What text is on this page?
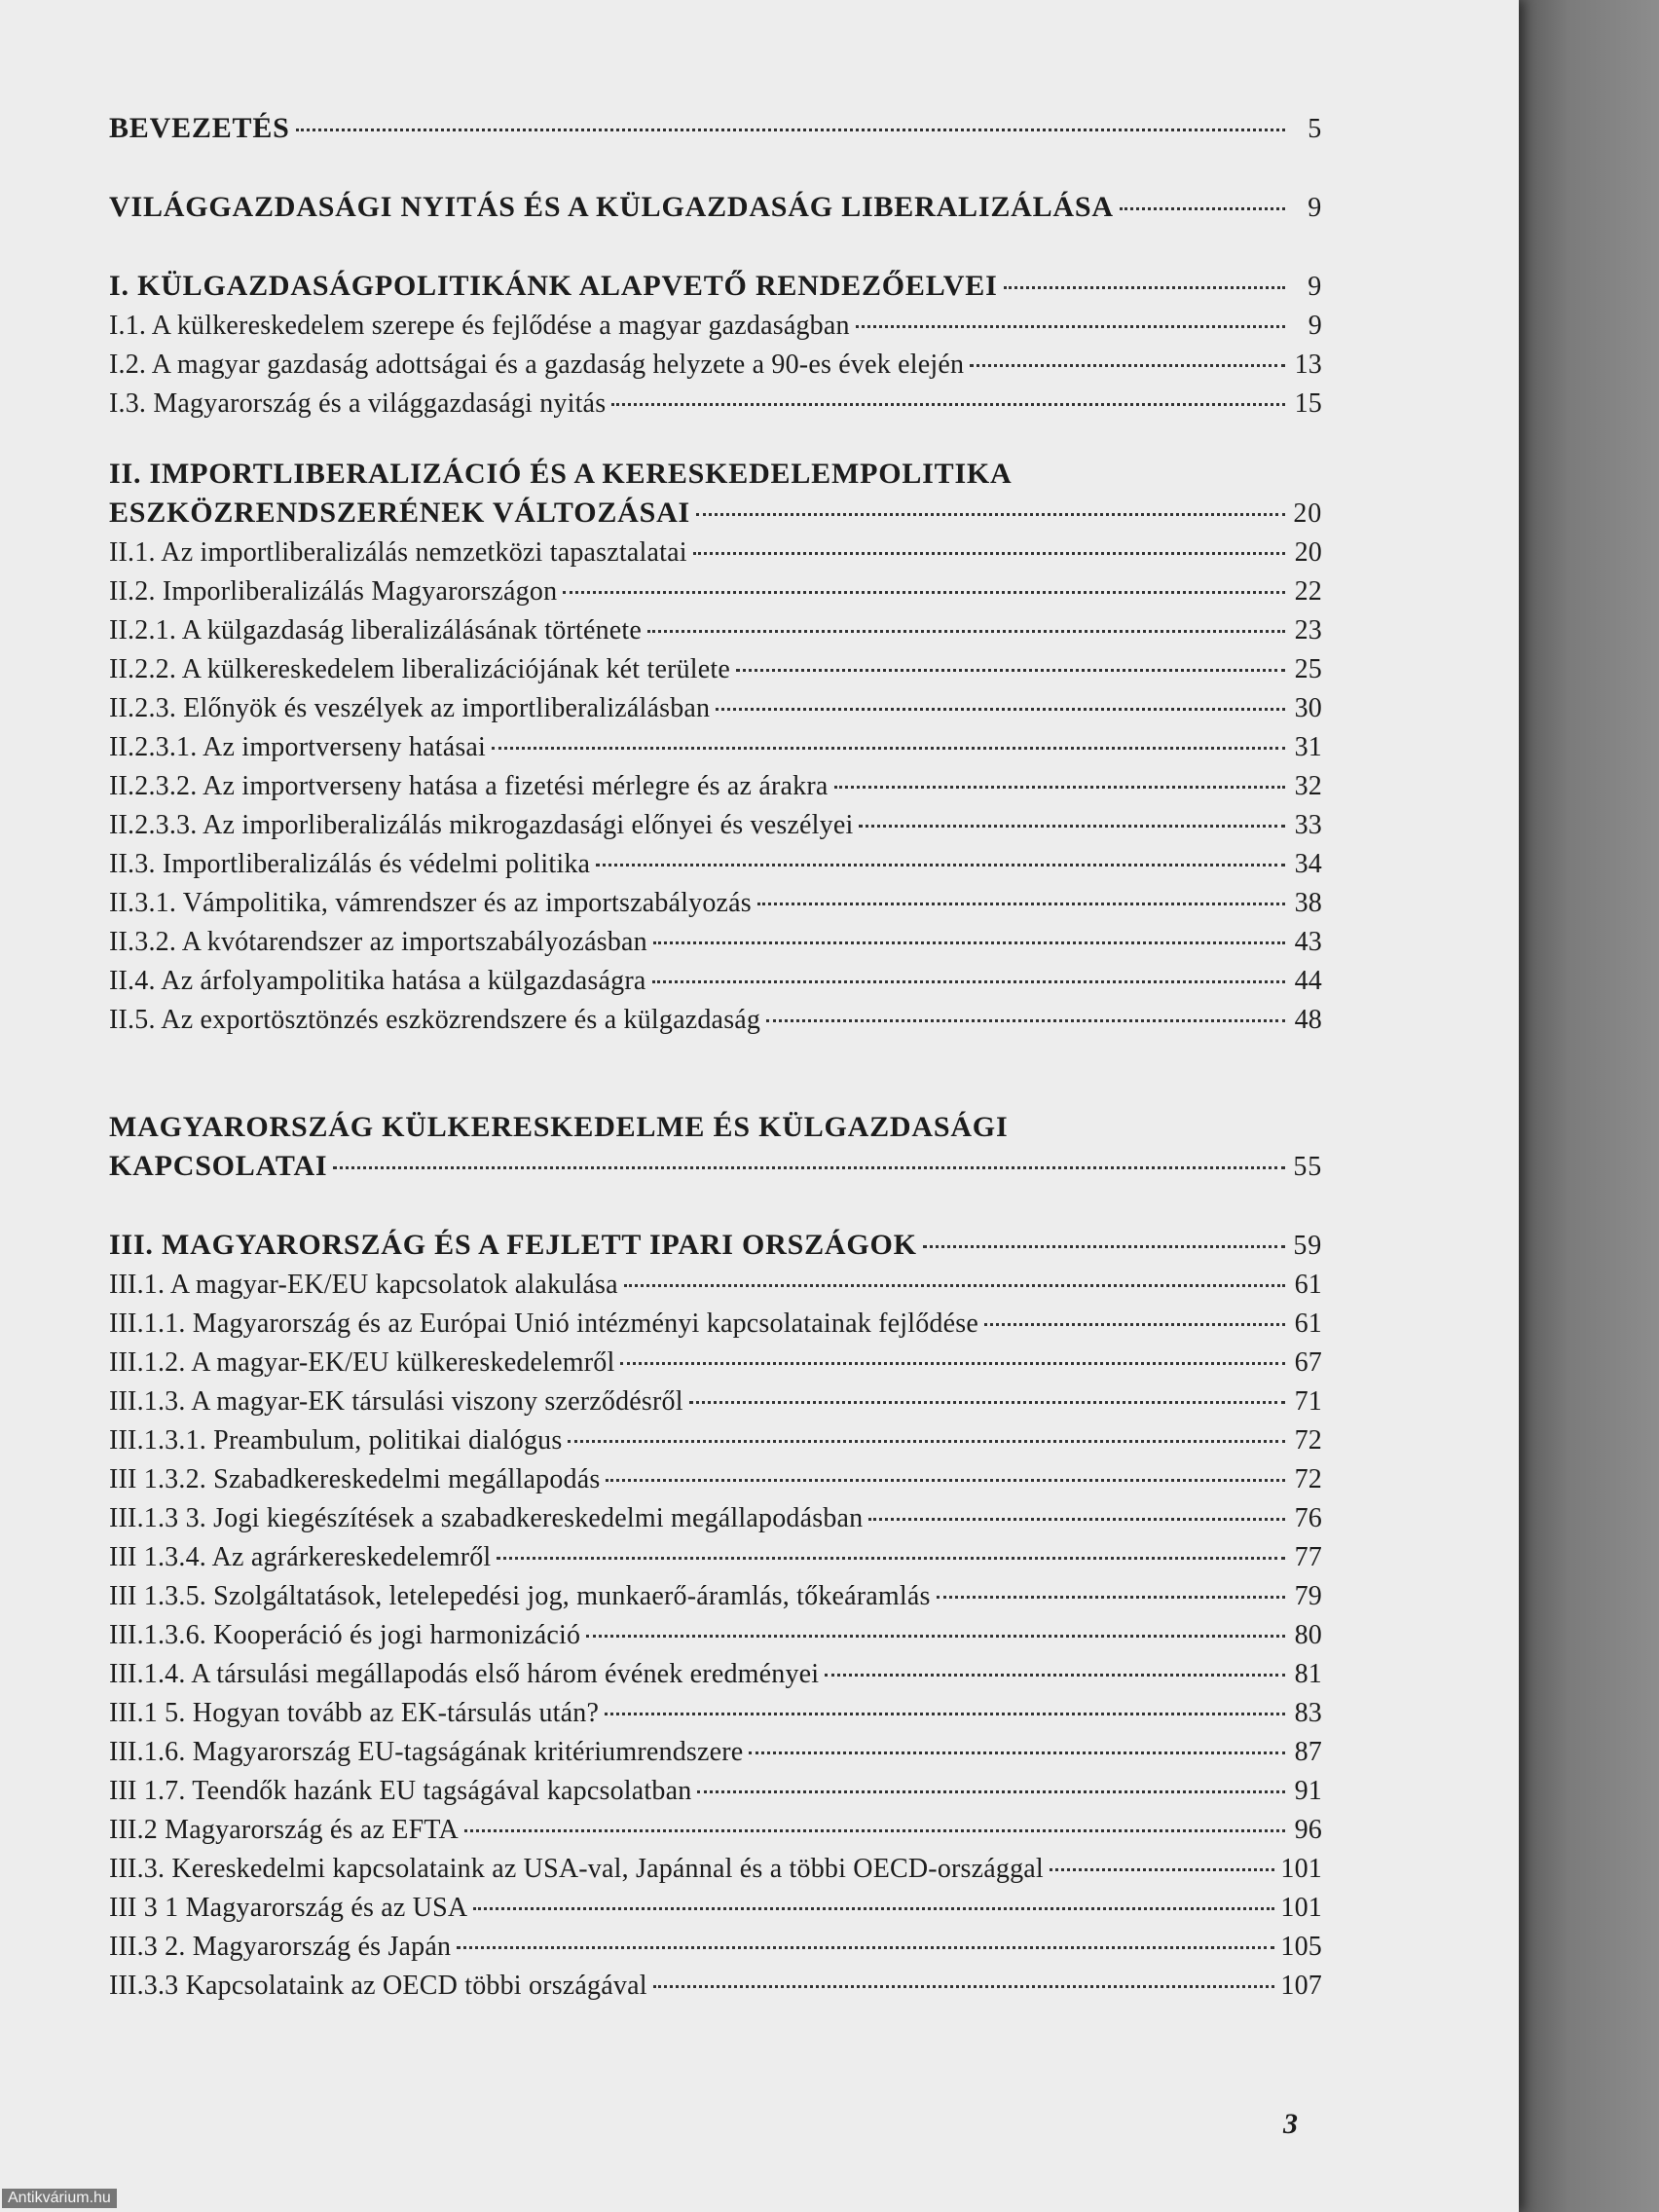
BEVEZETÉS	5
VILÁGGAZDASÁGI NYITÁS ÉS A KÜLGAZDASÁG LIBERALIZÁLÁSA	9
I. KÜLGAZDASÁGPOLITIKÁNK ALAPVETŐ RENDEZŐELVEI	9
I.1. A külkereskedelem szerepe és fejlődése a magyar gazdaságban	9
I.2. A magyar gazdaság adottságai és a gazdaság helyzete a 90-es évek elején	13
I.3. Magyarország és a világgazdasági nyitás	15
II. IMPORTLIBERALIZÁCIÓ ÉS A KERESKEDELEMPOLITIKA
ESZKÖZRENDSZERÉNEK VÁLTOZÁSAI	20
II.1. Az importliberalizálás nemzetközi tapasztalatai	20
II.2. Imporliberalizálás Magyarországon	22
II.2.1. A külgazdaság liberalizálásának története	23
II.2.2. A külkereskedelem liberalizációjának két területe	25
II.2.3. Előnyök és veszélyek az importliberalizálásban	30
II.2.3.1. Az importverseny hatásai	31
II.2.3.2. Az importverseny hatása a fizetési mérlegre és az árakra	32
II.2.3.3. Az imporliberalizálás mikrogazdasági előnyei és veszélyei	33
II.3. Importliberalizálás és védelmi politika	34
II.3.1. Vámpolitika, vámrendszer és az importszabályozás	38
II.3.2. A kvótarendszer az importszabályozásban	43
II.4. Az árfolyampolitika hatása a külgazdaságra	44
II.5. Az exportösztönzés eszközrendszere és a külgazdaság	48
MAGYARORSZÁG KÜLKERESKEDELME ÉS KÜLGAZDASÁGI
KAPCSOLATAI	55
III. MAGYARORSZÁG ÉS A FEJLETT IPARI ORSZÁGOK	59
III.1. A magyar-EK/EU kapcsolatok alakulása	61
III.1.1. Magyarország és az Európai Unió intézményi kapcsolatainak fejlődése	61
III.1.2. A magyar-EK/EU külkereskedelemről	67
III.1.3. A magyar-EK társulási viszony szerződésről	71
III.1.3.1. Preambulum, politikai dialógus	72
III 1.3.2. Szabadkereskedelmi megállapodás	72
III.1.3 3. Jogi kiegészítések a szabadkereskedelmi megállapodásban	76
III 1.3.4. Az agrárkereskedelemről	77
III 1.3.5. Szolgáltatások, letelepedési jog, munkaerő-áramlás, tőkeáramlás	79
III.1.3.6. Kooperáció és jogi harmonizáció	80
III.1.4. A társulási megállapodás első három évének eredményei	81
III.1 5. Hogyan tovább az EK-társulás után?	83
III.1.6. Magyarország EU-tagságának kritériumrendszere	87
III 1.7. Teendők hazánk EU tagságával kapcsolatban	91
III.2 Magyarország és az EFTA	96
III.3. Kereskedelmi kapcsolataink az USA-val, Japánnal és a többi OECD-országgal	101
III 3 1 Magyarország és az USA	101
III.3 2. Magyarország és Japán	105
III.3.3 Kapcsolataink az OECD többi országával	107
3
Antikvárium.hu
